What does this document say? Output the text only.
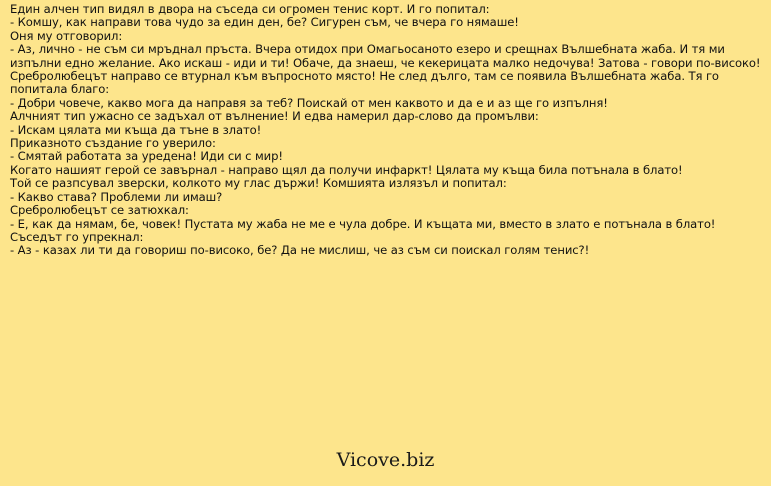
Един алчен тип видял в двора на съседа си огромен тенис корт. И го попитал:
- Комшу, как направи това чудо за един ден, бе? Сигурен съм, че вчера го нямаше!
Оня му отговорил:
- Аз, лично - не съм си мръднал пръста. Вчера отидох при Омагьосаното езеро и срещнах Вълшебната жаба. И тя ми изпълни едно желание. Ако искаш - иди и ти! Обаче, да знаеш, че кекерицата малко недочува! Затова - говори по-високо!
Сребролюбецът направо се втурнал към въпросното място! Не след дълго, там се появила Вълшебната жаба. Тя го попитала благо:
- Добри човече, какво мога да направя за теб? Поискай от мен каквото и да е и аз ще го изпълня!
Алчният тип ужасно се задъхал от вълнение! И едва намерил дар-слово да промълви:
- Искам цялата ми къща да тъне в злато!
Приказното създание го уверило:
- Смятай работата за уредена! Иди си с мир!
Когато нашият герой се завърнал - направо щял да получи инфаркт! Цялата му къща била потънала в блато!
Той се разпсувал зверски, колкото му глас държи! Комшията излязъл и попитал:
- Какво става? Проблеми ли имаш?
Сребролюбецът се затюхкал:
- Е, как да нямам, бе, човек! Пустата му жаба не ме е чула добре. И къщата ми, вместо в злато е потънала в блато!
Съседът го упрекнал:
- Аз - казах ли ти да говориш по-високо, бе? Да не мислиш, че аз съм си поискал голям тенис?!
Vicove.biz
